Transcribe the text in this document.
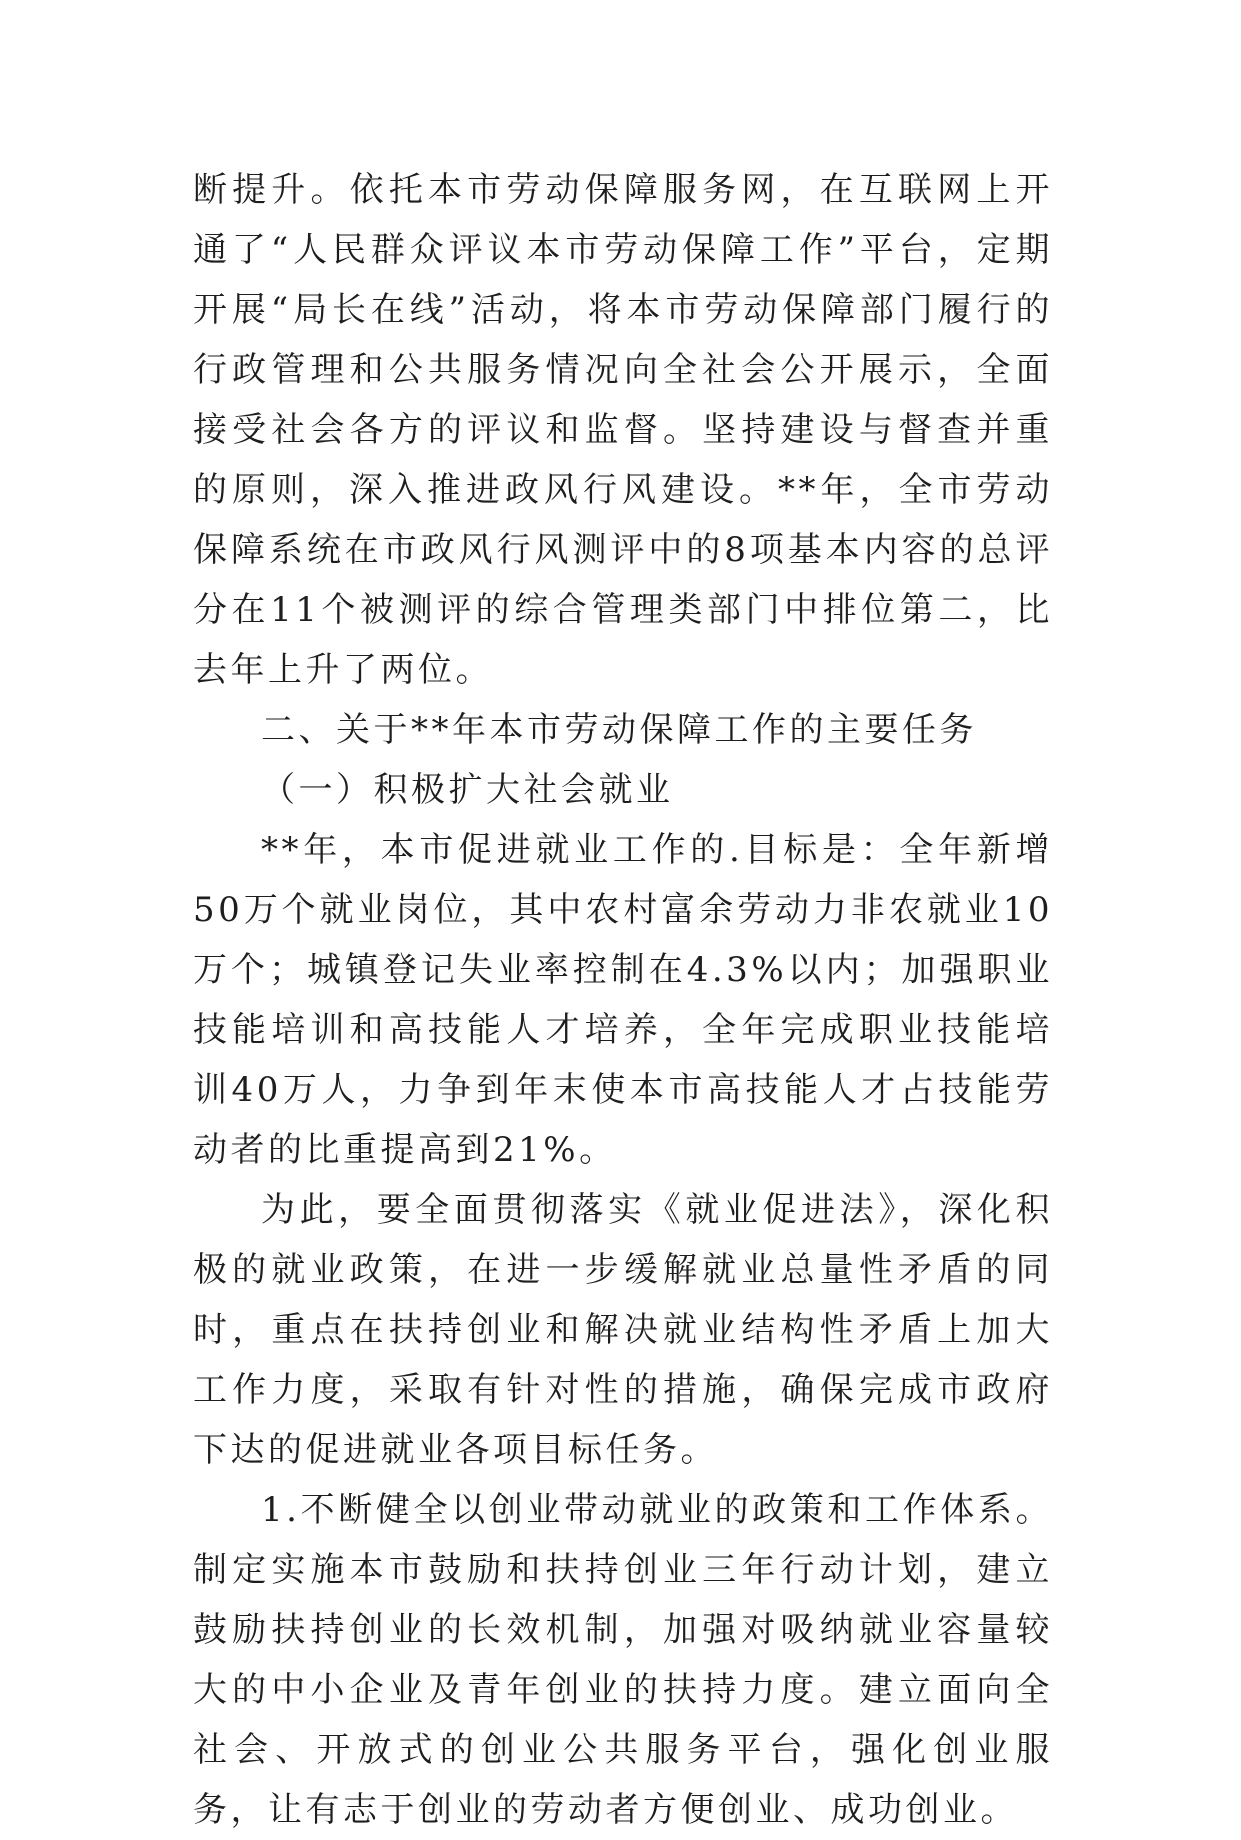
断提升。依托本市劳动保障服务网，在互联网上开通了“人民群众评议本市劳动保障工作”平台，定期开展“局长在线”活动，将本市劳动保障部门履行的行政管理和公共服务情况向全社会公开展示，全面接受社会各方的评议和监督。坚持建设与督查并重的原则，深入推进政风行风建设。**年，全市劳动保障系统在市政风行风测评中的8项基本内容的总评分在11个被测评的综合管理类部门中排位第二，比去年上升了两位。

二、关于**年本市劳动保障工作的主要任务

（一）积极扩大社会就业

**年，本市促进就业工作的.目标是：全年新增50万个就业岗位，其中农村富余劳动力非农就业10万个；城镇登记失业率控制在4.3%以内；加强职业技能培训和高技能人才培养，全年完成职业技能培训40万人，力争到年末使本市高技能人才占技能劳动者的比重提高到21%。

为此，要全面贯彻落实《就业促进法》，深化积极的就业政策，在进一步缓解就业总量性矛盾的同时，重点在扶持创业和解决就业结构性矛盾上加大工作力度，采取有针对性的措施，确保完成市政府下达的促进就业各项目标任务。

1.不断健全以创业带动就业的政策和工作体系。制定实施本市鼓励和扶持创业三年行动计划，建立鼓励扶持创业的长效机制，加强对吸纳就业容量较大的中小企业及青年创业的扶持力度。建立面向全社会、开放式的创业公共服务平台，强化创业服务，让有志于创业的劳动者方便创业、成功创业。
